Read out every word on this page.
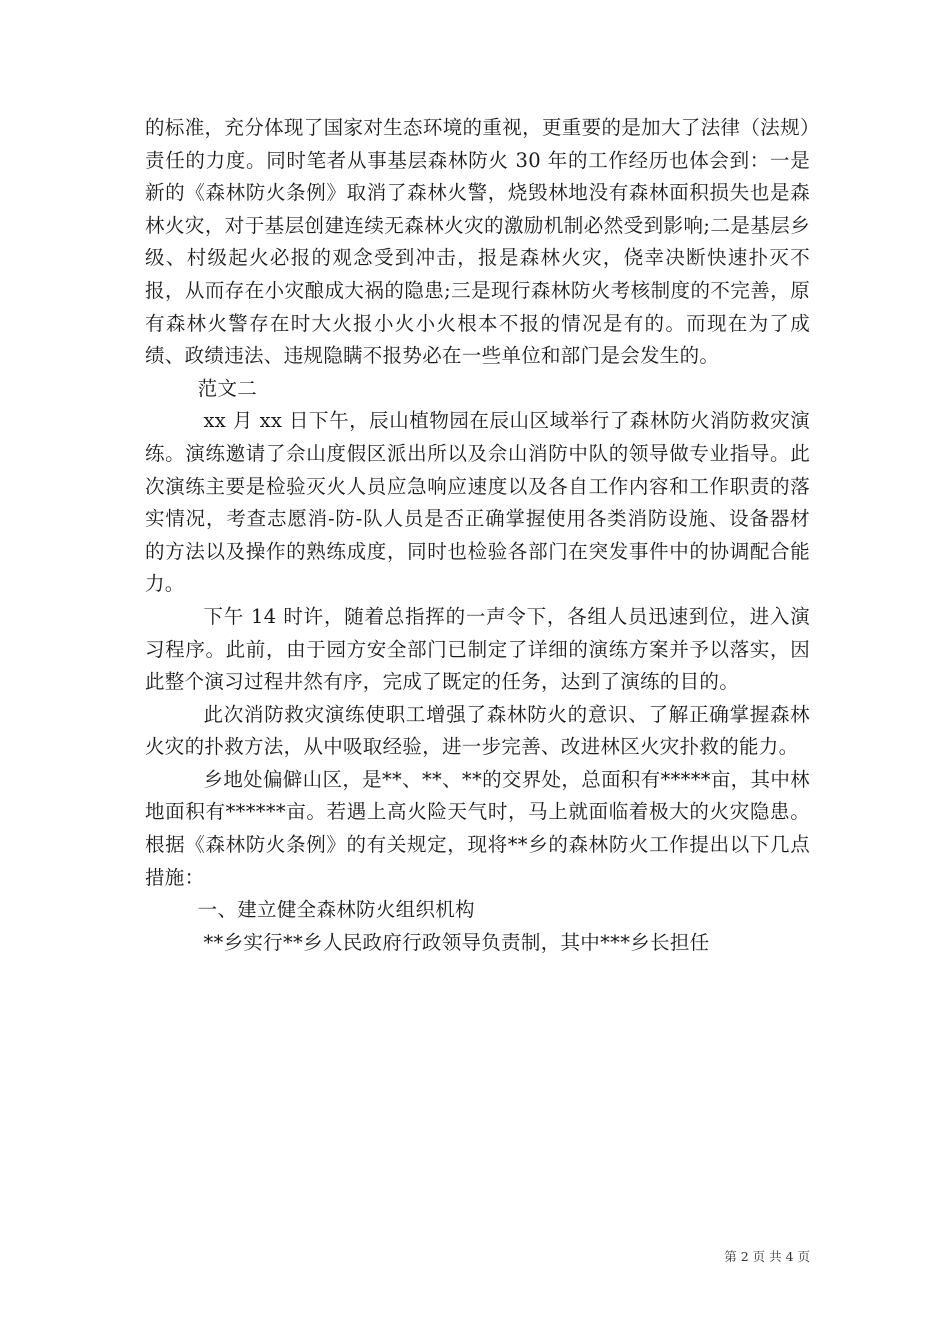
的标准，充分体现了国家对生态环境的重视，更重要的是加大了法律（法规）责任的力度。同时笔者从事基层森林防火 30 年的工作经历也体会到：一是新的《森林防火条例》取消了森林火警，烧毁林地没有森林面积损失也是森林火灾，对于基层创建连续无森林火灾的激励机制必然受到影响;二是基层乡级、村级起火必报的观念受到冲击，报是森林火灾，侥幸决断快速扑灭不报，从而存在小灾酿成大祸的隐患;三是现行森林防火考核制度的不完善，原有森林火警存在时大火报小火小火根本不报的情况是有的。而现在为了成绩、政绩违法、违规隐瞒不报势必在一些单位和部门是会发生的。

范文二

xx 月 xx 日下午，辰山植物园在辰山区域举行了森林防火消防救灾演练。演练邀请了佘山度假区派出所以及佘山消防中队的领导做专业指导。此次演练主要是检验灭火人员应急响应速度以及各自工作内容和工作职责的落实情况，考查志愿消-防-队人员是否正确掌握使用各类消防设施、设备器材的方法以及操作的熟练成度，同时也检验各部门在突发事件中的协调配合能力。

下午 14 时许，随着总指挥的一声令下，各组人员迅速到位，进入演习程序。此前，由于园方安全部门已制定了详细的演练方案并予以落实，因此整个演习过程井然有序，完成了既定的任务，达到了演练的目的。

此次消防救灾演练使职工增强了森林防火的意识、了解正确掌握森林火灾的扑救方法，从中吸取经验，进一步完善、改进林区火灾扑救的能力。

乡地处偏僻山区，是**、**、**的交界处，总面积有*****亩，其中林地面积有******亩。若遇上高火险天气时，马上就面临着极大的火灾隐患。根据《森林防火条例》的有关规定，现将**乡的森林防火工作提出以下几点措施：

一、建立健全森林防火组织机构

**乡实行**乡人民政府行政领导负责制，其中***乡长担任

第 2 页 共 4 页
